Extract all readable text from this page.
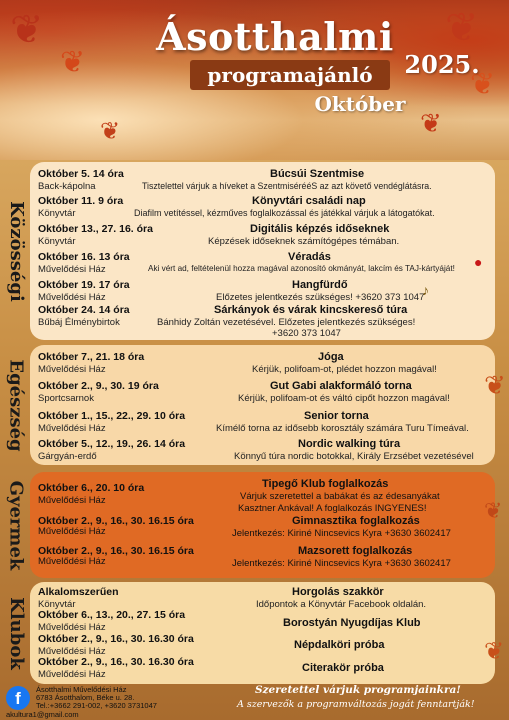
❦
❦
❦
❦
❦
❦
Ásotthalmi
programajánló	2025.
Október
Közösségi
Egészség
Gyermek
Klubok
Október 5. 14 óra
Back-kápolna
Búcsúi Szentmise
Tisztelettel várjuk a híveket a SzentmisérééS az azt követő vendéglátásra.
Október 11. 9 óra
Könyvtár
Könyvtári családi nap
Diafilm vetítéssel, kézműves foglalkozással és játékkal várjuk a látogatókat.
Október 13., 27. 16. óra
Könyvtár
Digitális képzés időseknek
Képzések időseknek számítógépes témában.
Október 16. 13 óra
Művelődési Ház
Véradás
Aki vért ad, feltételenül hozza magával azonosító okmányát, lakcím és TAJ-kártyáját! ●
Október 19. 17 óra
Művelődési Ház
Hangfürdő
Előzetes jelentkezés szükséges! +3620 373 1047
♪
Október 24. 14 óra
Bűbáj Élménybirtok
Sárkányok és várak kincskereső túra
Bánhidy Zoltán vezetésével. Előzetes jelentkezés szükséges!
+3620 373 1047
Október 7., 21. 18 óra
Művelődési Ház
Jóga
Kérjük, polifoam-ot, plédet hozzon magával!
Október 2., 9., 30. 19 óra
Sportcsarnok
Gut Gabi alakformáló torna
Kérjük, polifoam-ot és váltó cipőt hozzon magával!
Október 1., 15., 22., 29. 10 óra
Művelődési Ház
Senior torna
Kímélő torna az idősebb korosztály számára Turu Tímeával.
Október 5., 12., 19., 26. 14 óra
Gárgyán-erdő
Nordic walking túra
Könnyű túra nordic botokkal, Király Erzsébet vezetésével
Október 6., 20. 10 óra
Művelődési Ház
Tipegő Klub foglalkozás
Várjuk szeretettel a babákat és az édesanyákat
Kasztner Ankával! A foglalkozás INGYENES!
Október 2., 9., 16., 30. 16.15 óra
Művelődési Ház
Gimnasztika foglalkozás
Jelentkezés: Kiriné Nincsevics Kyra +3630 3602417
Október 2., 9., 16., 30. 16.15 óra
Művelődési Ház
Mazsorett foglalkozás
Jelentkezés: Kiriné Nincsevics Kyra +3630 3602417
Alkalomszerűen
Könyvtár
Horgolás szakkör
Időpontok a Könyvtár Facebook oldalán.
Október 6., 13., 20., 27. 15 óra
Művelődési Ház	Borostyán Nyugdíjas Klub
Október 2., 9., 16., 30. 16.30 óra
Művelődési Ház
Népdalköri próba
Október 2., 9., 16., 30. 16.30 óra
Művelődési Ház
Citerakör próba
❦
❦
❦
f	Ásotthalmi Művelődési Ház
6783 Ásotthalom, Béke u. 28.
Tel.:+3662 291-002, +3620 3731047
akultura1@gmail.com
Szeretettel várjuk programjainkra!
A szervezők a programváltozás jogát fenntartják!
